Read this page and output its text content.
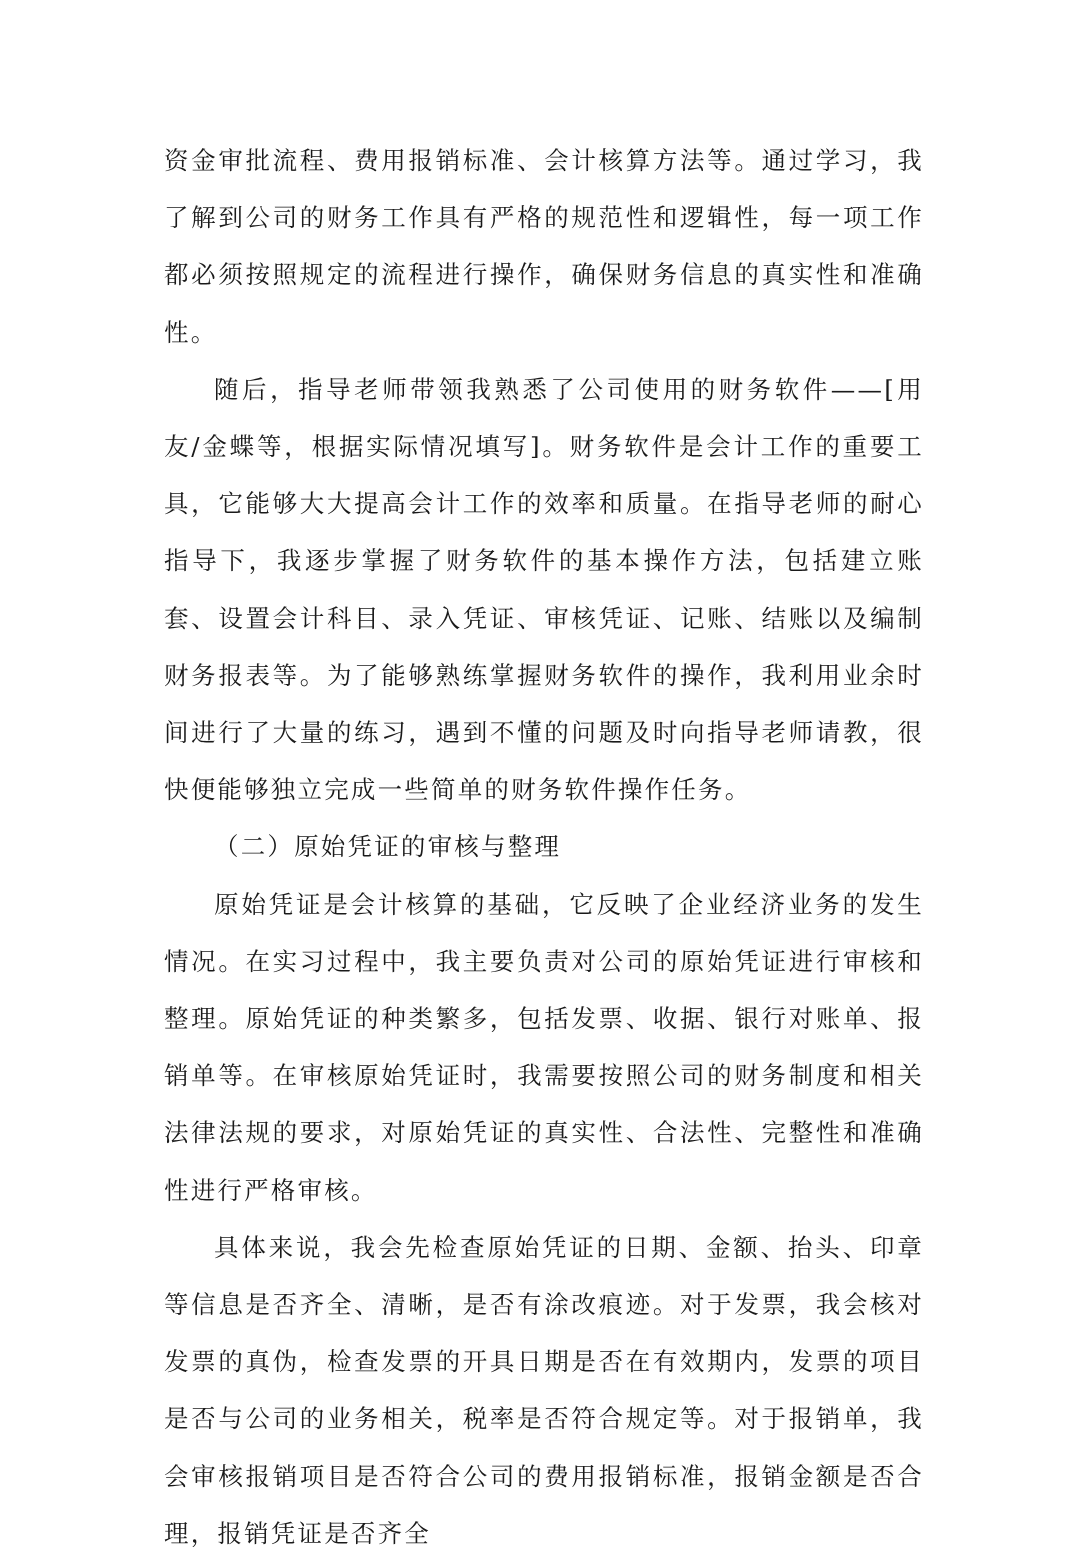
资金审批流程、费用报销标准、会计核算方法等。通过学习，我了解到公司的财务工作具有严格的规范性和逻辑性，每一项工作都必须按照规定的流程进行操作，确保财务信息的真实性和准确性。

随后，指导老师带领我熟悉了公司使用的财务软件——[用友/金蝶等，根据实际情况填写]。财务软件是会计工作的重要工具，它能够大大提高会计工作的效率和质量。在指导老师的耐心指导下，我逐步掌握了财务软件的基本操作方法，包括建立账套、设置会计科目、录入凭证、审核凭证、记账、结账以及编制财务报表等。为了能够熟练掌握财务软件的操作，我利用业余时间进行了大量的练习，遇到不懂的问题及时向指导老师请教，很快便能够独立完成一些简单的财务软件操作任务。

（二）原始凭证的审核与整理

原始凭证是会计核算的基础，它反映了企业经济业务的发生情况。在实习过程中，我主要负责对公司的原始凭证进行审核和整理。原始凭证的种类繁多，包括发票、收据、银行对账单、报销单等。在审核原始凭证时，我需要按照公司的财务制度和相关法律法规的要求，对原始凭证的真实性、合法性、完整性和准确性进行严格审核。

具体来说，我会先检查原始凭证的日期、金额、抬头、印章等信息是否齐全、清晰，是否有涂改痕迹。对于发票，我会核对发票的真伪，检查发票的开具日期是否在有效期内，发票的项目是否与公司的业务相关，税率是否符合规定等。对于报销单，我会审核报销项目是否符合公司的费用报销标准，报销金额是否合理，报销凭证是否齐全
